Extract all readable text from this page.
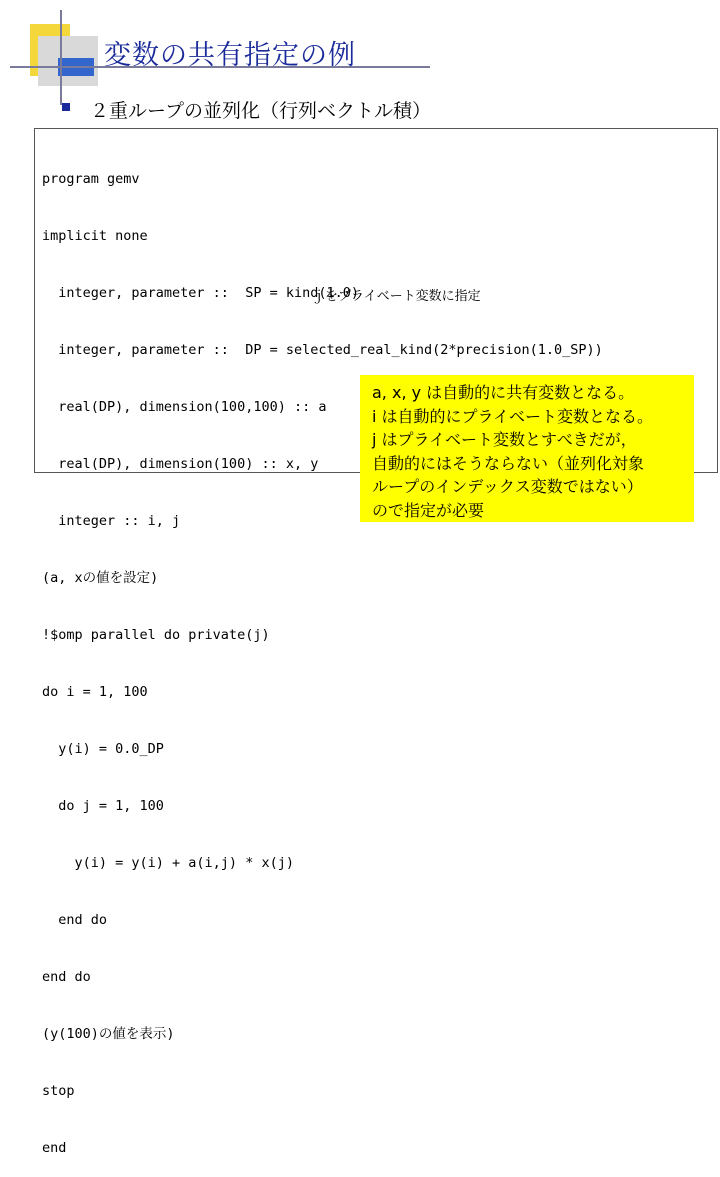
変数の共有指定の例
２重ループの並列化（行列ベクトル積）

program gemv

implicit none

integer, parameter ::  SP = kind(1.0)

integer, parameter ::  DP = selected_real_kind(2*precision(1.0_SP))

real(DP), dimension(100,100) :: a

real(DP), dimension(100) :: x, y

integer :: i, j

(a, xの値を設定)

!$omp parallel do private(j)

do i = 1, 100

y(i) = 0.0_DP

do j = 1, 100

y(i) = y(i) + a(i,j) * x(j)

end do

end do

(y(100)の値を表示)

stop

end

ｊをプライベート変数に指定
a, x, y は自動的に共有変数となる。
i は自動的にプライベート変数となる。
j はプライベート変数とすべきだが，
自動的にはそうならない（並列化対象
ループのインデックス変数ではない）
ので指定が必要
